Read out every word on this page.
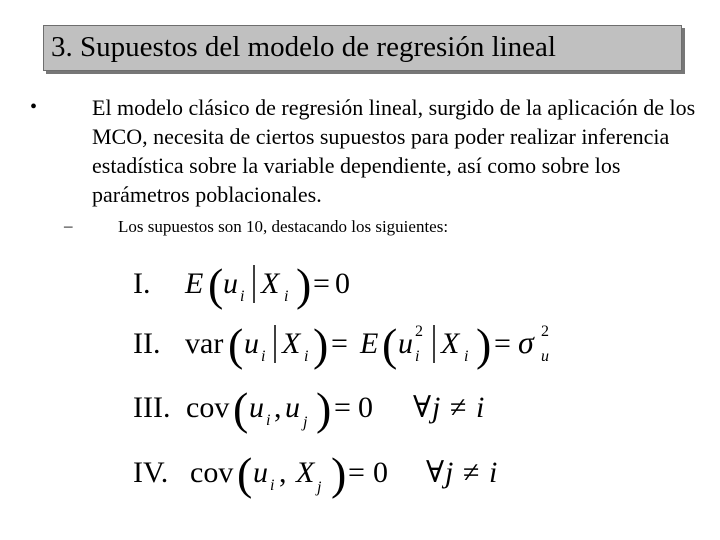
3. Supuestos del modelo de regresión lineal
• El modelo clásico de regresión lineal, surgido de la aplicación de los MCO, necesita de ciertos supuestos para poder realizar inferencia estadística sobre la variable dependiente, así como sobre los parámetros poblacionales.
–	Los supuestos son 10, destacando los siguientes:
I. E ( u i X i ) = 0
II. var ( u i X i ) = E ( u 2
i X i ) = σ 2
u
III. cov ( u i , u j ) = 0 ∀ j ≠ i
IV. cov ( u i , X j ) = 0 ∀ j ≠ i
